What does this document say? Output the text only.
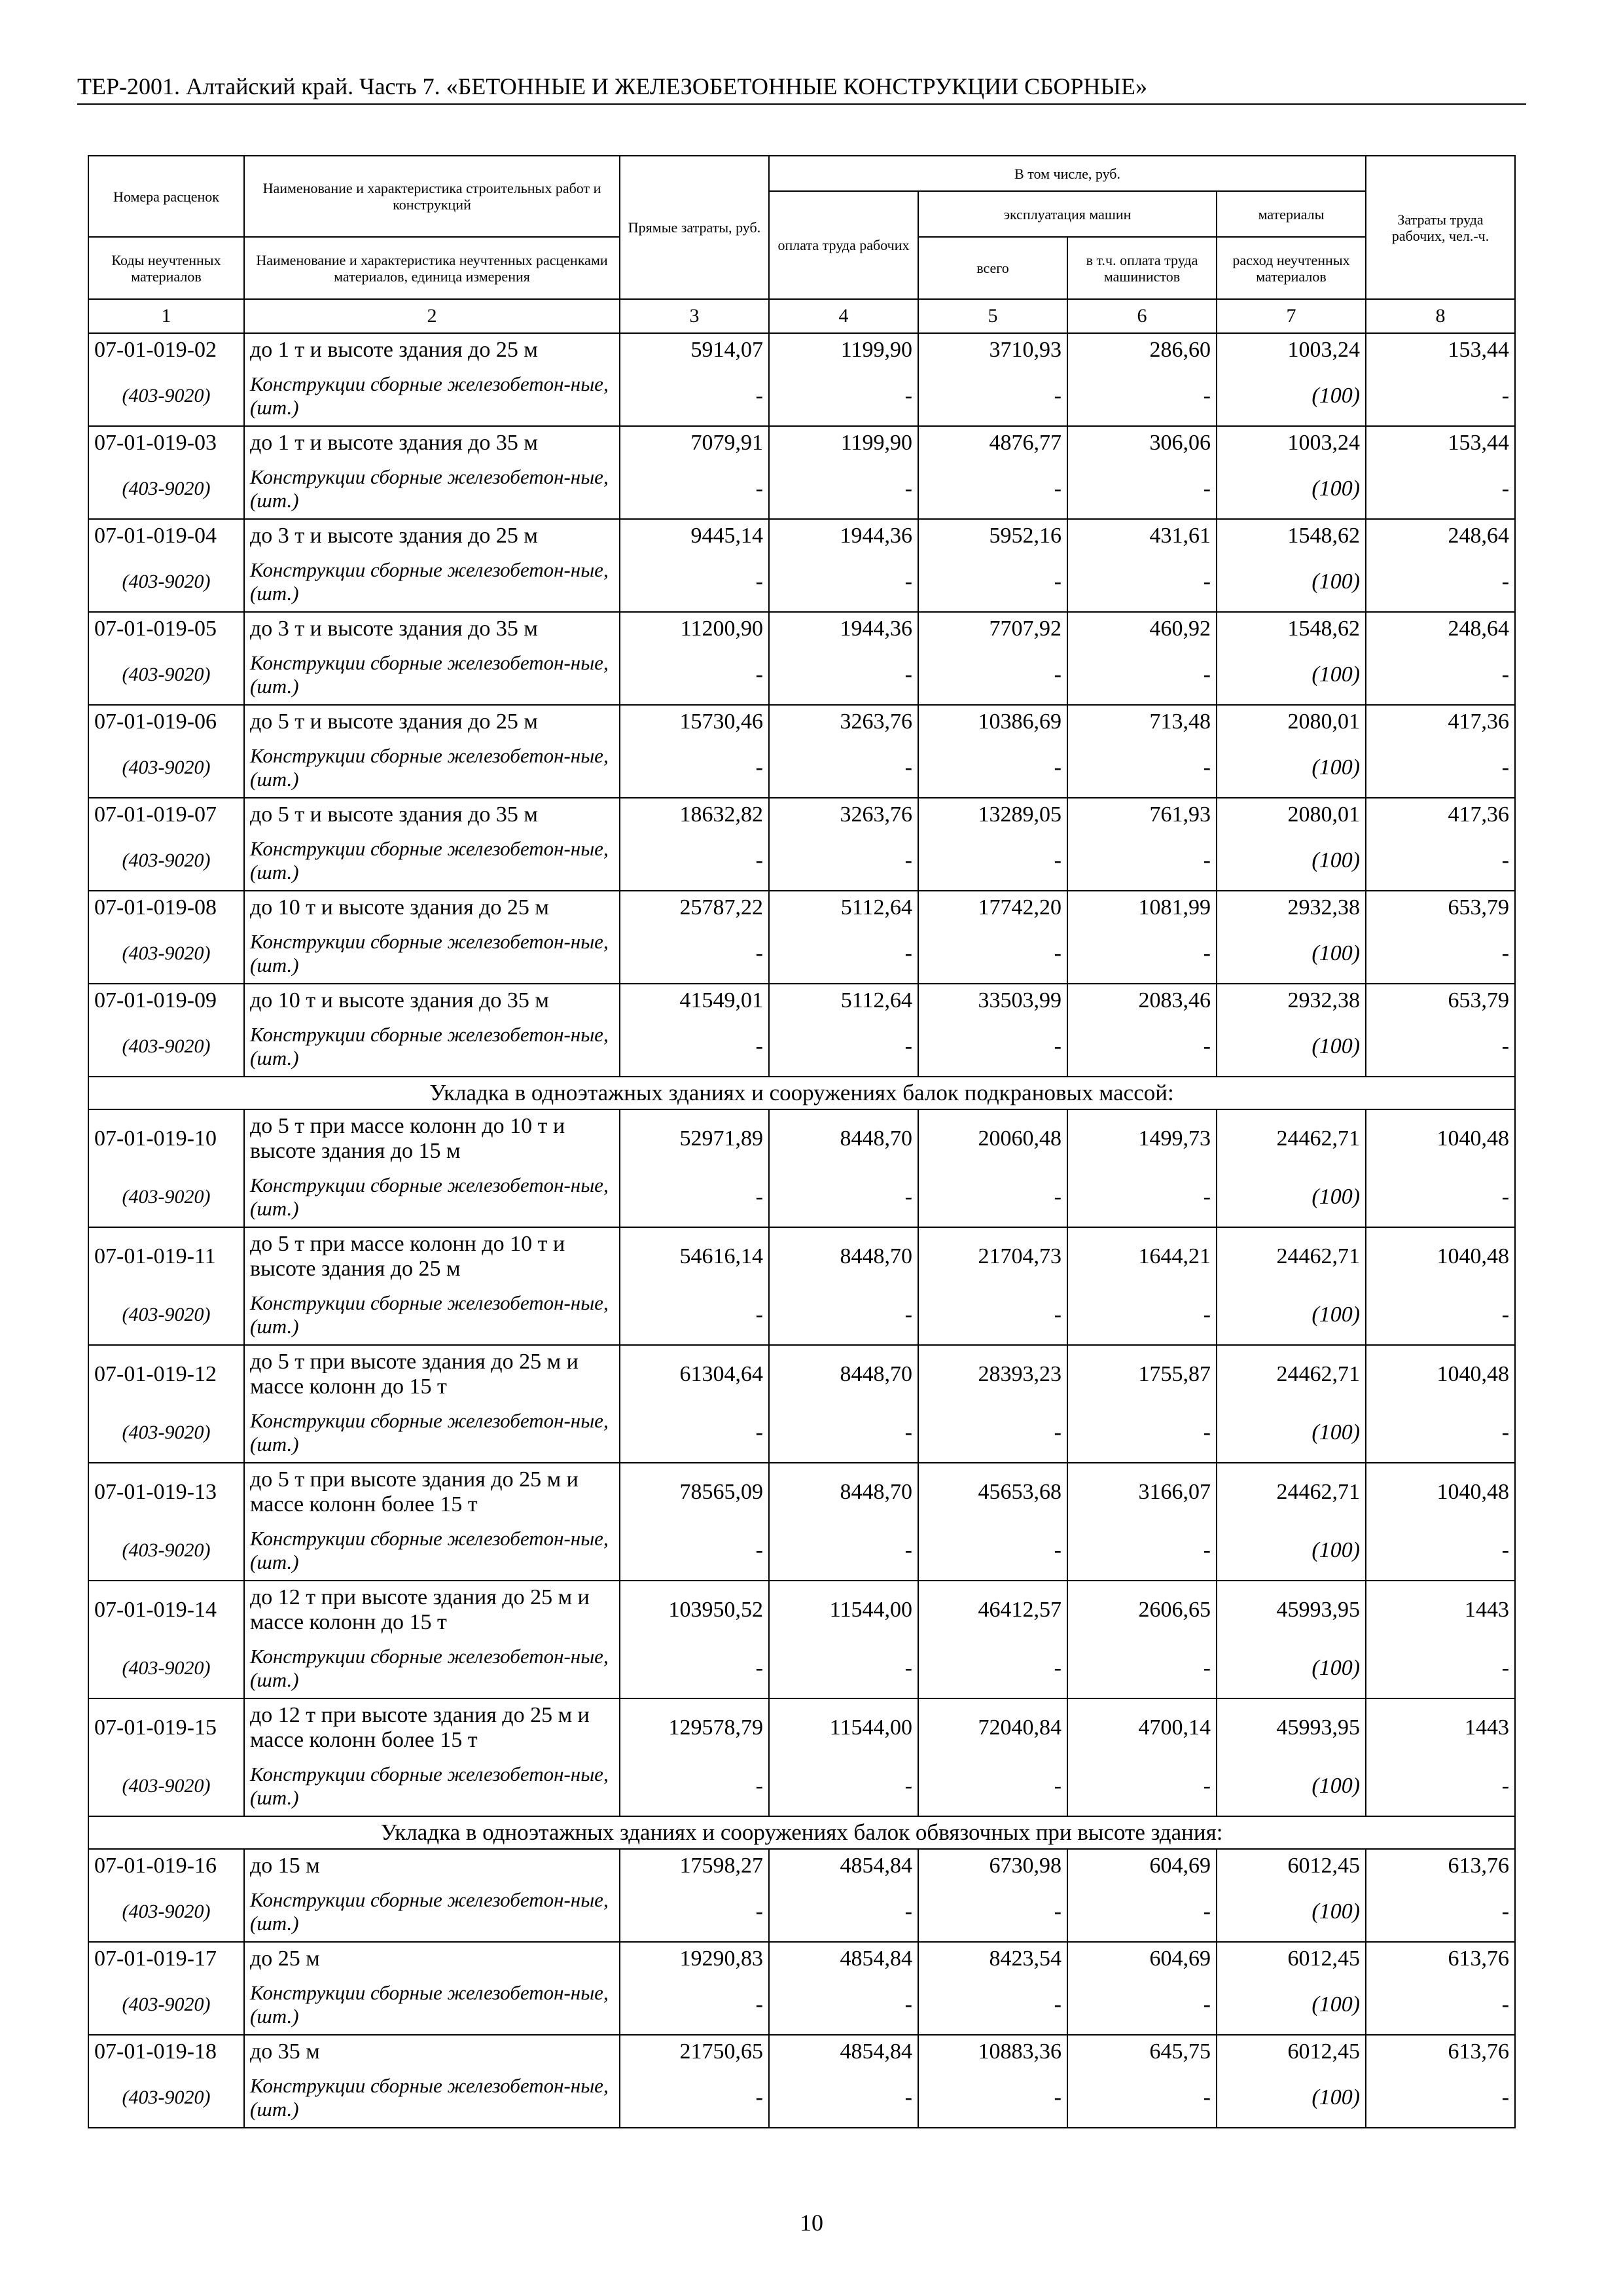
ТЕР-2001. Алтайский край. Часть 7. «БЕТОННЫЕ И ЖЕЛЕЗОБЕТОННЫЕ КОНСТРУКЦИИ СБОРНЫЕ»
Номера расценок	Наименование и характеристика строительных работ и конструкций	Прямые затраты, руб.	В том числе, руб.				Затраты труда рабочих, чел.-ч.
			оплата труда рабочих	эксплуатация машин		материалы	
Коды неучтенных материалов	Наименование и характеристика неучтенных расценками материалов, единица измерения			всего	в т.ч. оплата труда машинистов	расход неучтенных материалов	
1	2	3	4	5	6	7	8
07-01-019-02	до 1 т и высоте здания до 25 м	5914,07	1199,90	3710,93	286,60	1003,24	153,44
(403-9020)	Конструкции сборные железобетон-ные, (шт.)	-	-	-	-	(100)	-
07-01-019-03	до 1 т и высоте здания до 35 м	7079,91	1199,90	4876,77	306,06	1003,24	153,44
(403-9020)	Конструкции сборные железобетон-ные, (шт.)	-	-	-	-	(100)	-
07-01-019-04	до 3 т и высоте здания до 25 м	9445,14	1944,36	5952,16	431,61	1548,62	248,64
(403-9020)	Конструкции сборные железобетон-ные, (шт.)	-	-	-	-	(100)	-
07-01-019-05	до 3 т и высоте здания до 35 м	11200,90	1944,36	7707,92	460,92	1548,62	248,64
(403-9020)	Конструкции сборные железобетон-ные, (шт.)	-	-	-	-	(100)	-
07-01-019-06	до 5 т и высоте здания до 25 м	15730,46	3263,76	10386,69	713,48	2080,01	417,36
(403-9020)	Конструкции сборные железобетон-ные, (шт.)	-	-	-	-	(100)	-
07-01-019-07	до 5 т и высоте здания до 35 м	18632,82	3263,76	13289,05	761,93	2080,01	417,36
(403-9020)	Конструкции сборные железобетон-ные, (шт.)	-	-	-	-	(100)	-
07-01-019-08	до 10 т и высоте здания до 25 м	25787,22	5112,64	17742,20	1081,99	2932,38	653,79
(403-9020)	Конструкции сборные железобетон-ные, (шт.)	-	-	-	-	(100)	-
07-01-019-09	до 10 т и высоте здания до 35 м	41549,01	5112,64	33503,99	2083,46	2932,38	653,79
(403-9020)	Конструкции сборные железобетон-ные, (шт.)	-	-	-	-	(100)	-
Укладка в одноэтажных зданиях и сооружениях балок подкрановых массой:							
07-01-019-10	до 5 т при массе колонн до 10 т и высоте здания до 15 м	52971,89	8448,70	20060,48	1499,73	24462,71	1040,48
(403-9020)	Конструкции сборные железобетон-ные, (шт.)	-	-	-	-	(100)	-
07-01-019-11	до 5 т при массе колонн до 10 т и высоте здания до 25 м	54616,14	8448,70	21704,73	1644,21	24462,71	1040,48
(403-9020)	Конструкции сборные железобетон-ные, (шт.)	-	-	-	-	(100)	-
07-01-019-12	до 5 т при высоте здания до 25 м и массе колонн до 15 т	61304,64	8448,70	28393,23	1755,87	24462,71	1040,48
(403-9020)	Конструкции сборные железобетон-ные, (шт.)	-	-	-	-	(100)	-
07-01-019-13	до 5 т при высоте здания до 25 м и массе колонн более 15 т	78565,09	8448,70	45653,68	3166,07	24462,71	1040,48
(403-9020)	Конструкции сборные железобетон-ные, (шт.)	-	-	-	-	(100)	-
07-01-019-14	до 12 т при высоте здания до 25 м и массе колонн до 15 т	103950,52	11544,00	46412,57	2606,65	45993,95	1443
(403-9020)	Конструкции сборные железобетон-ные, (шт.)	-	-	-	-	(100)	-
07-01-019-15	до 12 т при высоте здания до 25 м и массе колонн более 15 т	129578,79	11544,00	72040,84	4700,14	45993,95	1443
(403-9020)	Конструкции сборные железобетон-ные, (шт.)	-	-	-	-	(100)	-
Укладка в одноэтажных зданиях и сооружениях балок обвязочных при высоте здания:							
07-01-019-16	до 15 м	17598,27	4854,84	6730,98	604,69	6012,45	613,76
(403-9020)	Конструкции сборные железобетон-ные, (шт.)	-	-	-	-	(100)	-
07-01-019-17	до 25 м	19290,83	4854,84	8423,54	604,69	6012,45	613,76
(403-9020)	Конструкции сборные железобетон-ные, (шт.)	-	-	-	-	(100)	-
07-01-019-18	до 35 м	21750,65	4854,84	10883,36	645,75	6012,45	613,76
(403-9020)	Конструкции сборные железобетон-ные, (шт.)	-	-	-	-	(100)	-
10
